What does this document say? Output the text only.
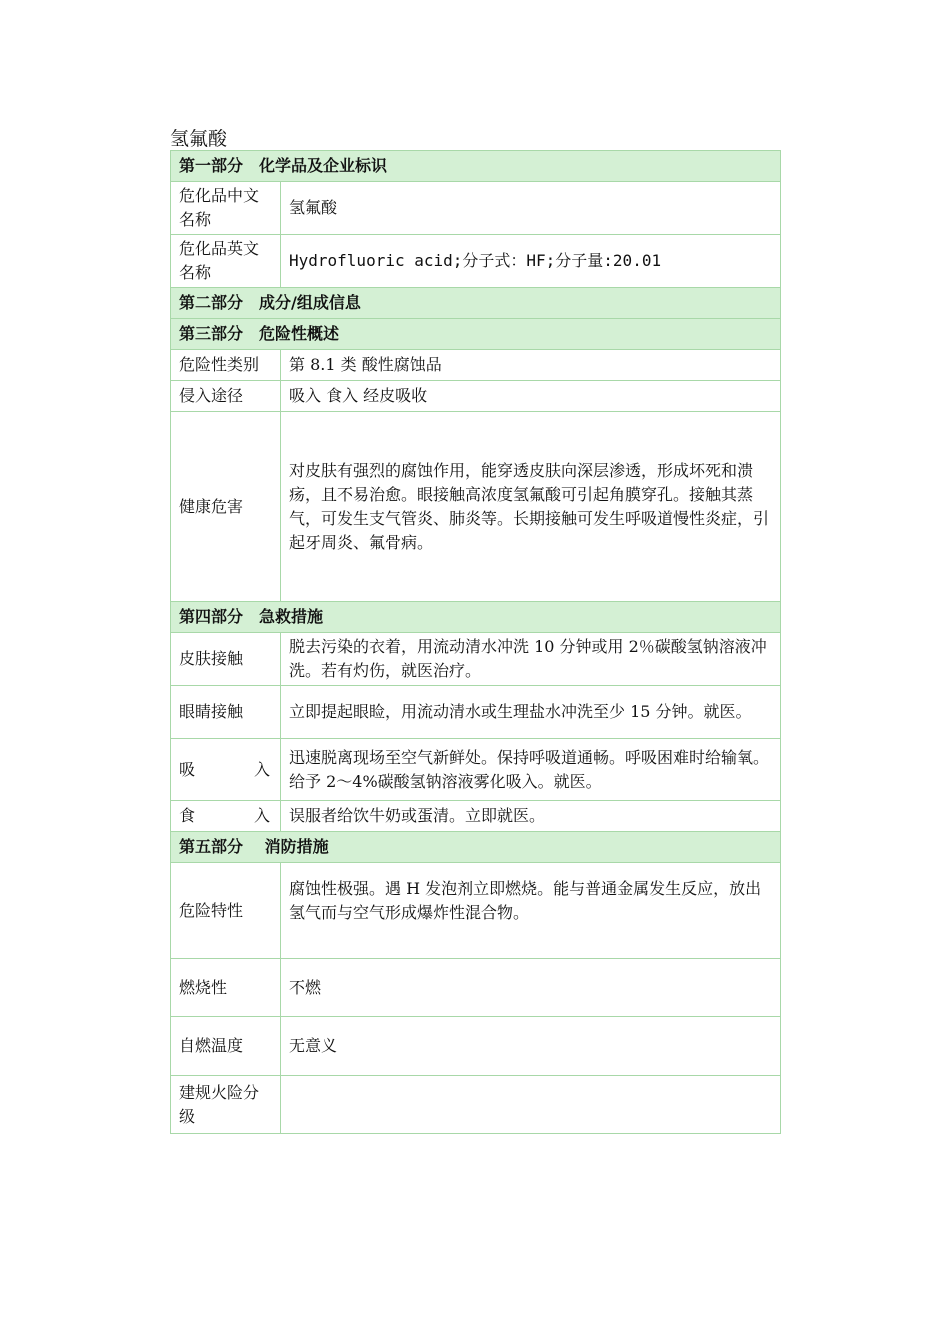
氢氟酸
第一部分　化学品及企业标识	
危化品中文名称	氢氟酸
危化品英文名称	Hydrofluoric acid;分子式：HF;分子量:20.01
第二部分　成分/组成信息	
第三部分　危险性概述	
危险性类别	第 8.1 类 酸性腐蚀品
侵入途径	吸入 食入 经皮吸收
健康危害	对皮肤有强烈的腐蚀作用，能穿透皮肤向深层渗透，形成坏死和溃疡，且不易治愈。眼接触高浓度氢氟酸可引起角膜穿孔。接触其蒸气，可发生支气管炎、肺炎等。长期接触可发生呼吸道慢性炎症，引起牙周炎、氟骨病。
第四部分　急救措施	
皮肤接触	脱去污染的衣着，用流动清水冲洗 10 分钟或用 2％碳酸氢钠溶液冲洗。若有灼伤，就医治疗。
眼睛接触	立即提起眼睑，用流动清水或生理盐水冲洗至少 15 分钟。就医。

吸 入	迅速脱离现场至空气新鲜处。保持呼吸道通畅。呼吸困难时给输氧。给予 2～4%碳酸氢钠溶液雾化吸入。就医。

食 入	误服者给饮牛奶或蛋清。立即就医。
第五部分　 消防措施	
危险特性	腐蚀性极强。遇 H 发泡剂立即燃烧。能与普通金属发生反应，放出氢气而与空气形成爆炸性混合物。

燃烧性	不燃
自燃温度	无意义
建规火险分级	
